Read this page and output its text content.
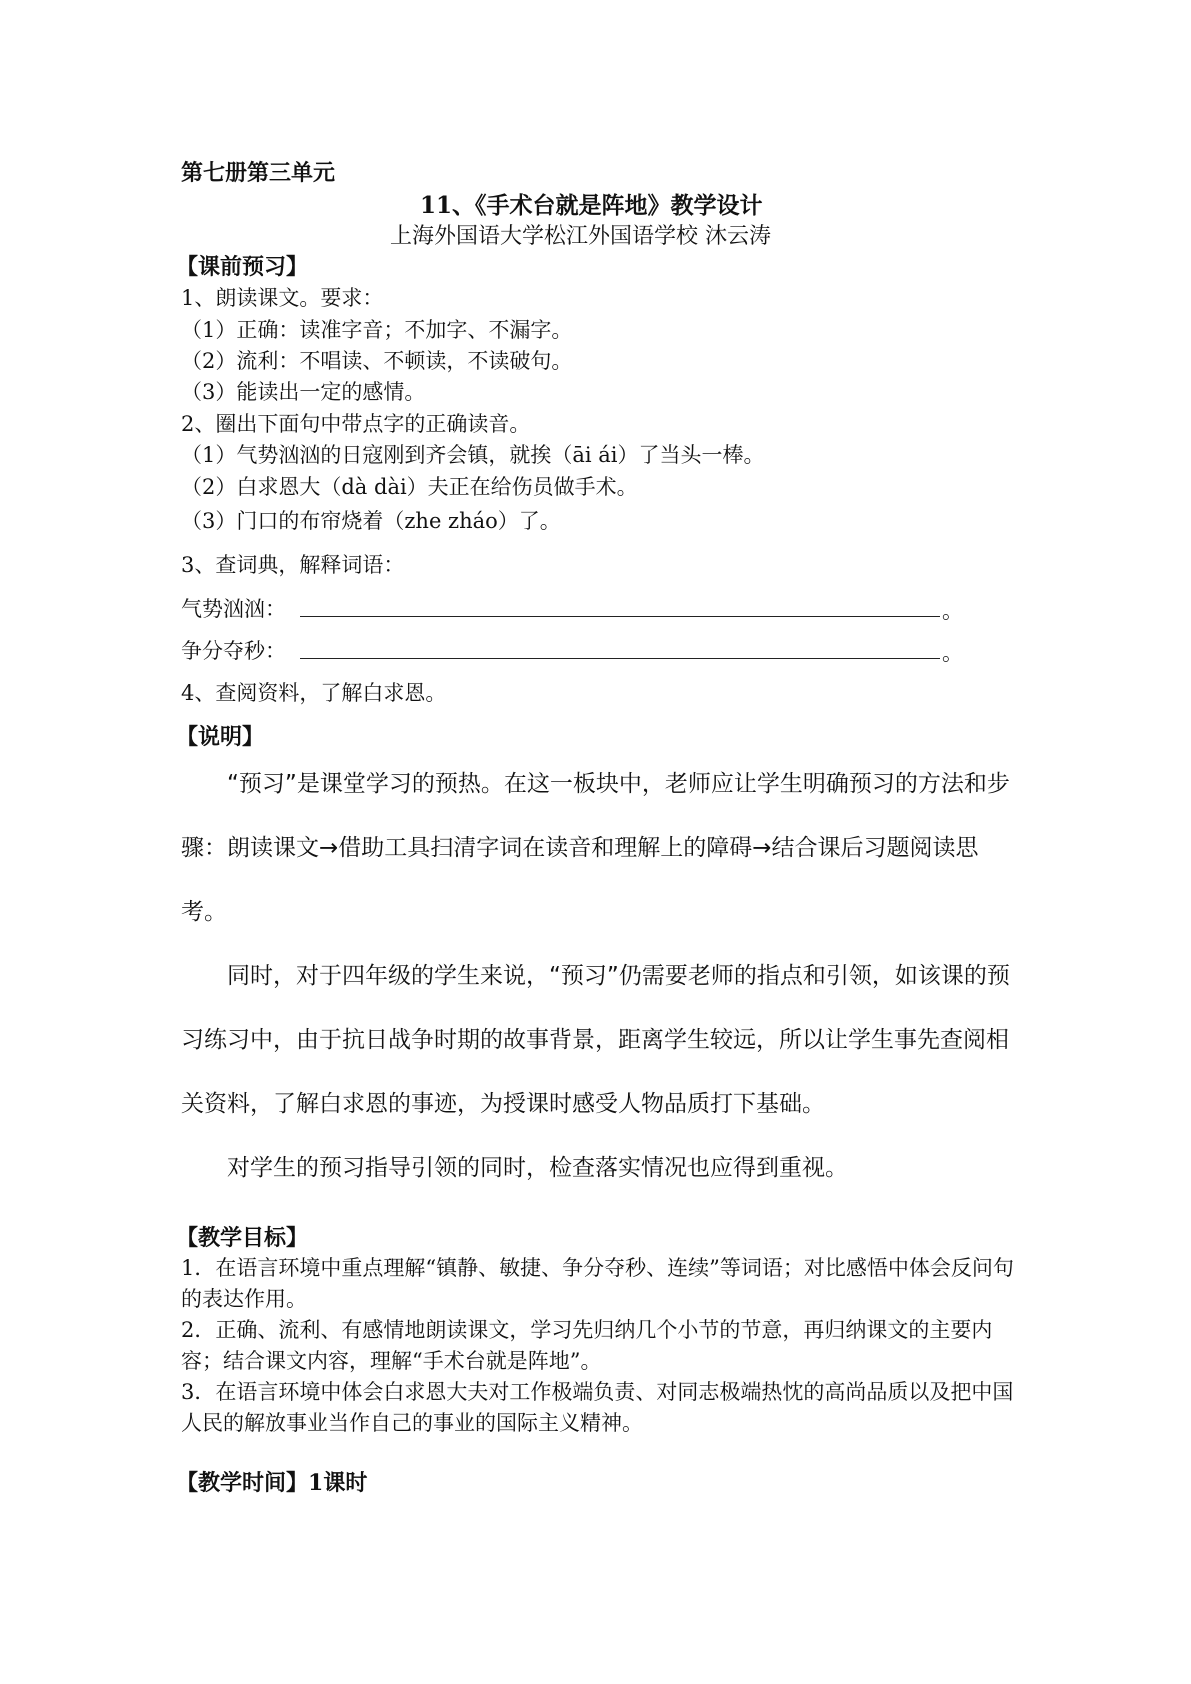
第七册第三单元
11、《手术台就是阵地》教学设计
上海外国语大学松江外国语学校 沐云涛
【课前预习】
1、朗读课文。要求：
（1）正确：读准字音；不加字、不漏字。
（2）流利：不唱读、不顿读，不读破句。
（3）能读出一定的感情。
2、圈出下面句中带点字的正确读音。
（1）气势汹汹的日寇刚到齐会镇，就挨（āi ái）了当头一棒。
（2）白求恩大（dà dài）夫正在给伤员做手术。
（3）门口的布帘烧着（zhe zháo）了。
3、查词典，解释词语：
气势汹汹：	。
争分夺秒：	。
4、查阅资料，了解白求恩。
【说明】

“预习”是课堂学习的预热。在这一板块中，老师应让学生明确预习的方法和步骤：朗读课文→借助工具扫清字词在读音和理解上的障碍→结合课后习题阅读思考。

同时，对于四年级的学生来说，“预习”仍需要老师的指点和引领，如该课的预习练习中，由于抗日战争时期的故事背景，距离学生较远，所以让学生事先查阅相关资料，了解白求恩的事迹，为授课时感受人物品质打下基础。

对学生的预习指导引领的同时，检查落实情况也应得到重视。

【教学目标】

1．在语言环境中重点理解“镇静、敏捷、争分夺秒、连续”等词语；对比感悟中体会反问句的表达作用。

2．正确、流利、有感情地朗读课文，学习先归纳几个小节的节意，再归纳课文的主要内容；结合课文内容，理解“手术台就是阵地”。

3．在语言环境中体会白求恩大夫对工作极端负责、对同志极端热忱的高尚品质以及把中国人民的解放事业当作自己的事业的国际主义精神。

【教学时间】1课时
